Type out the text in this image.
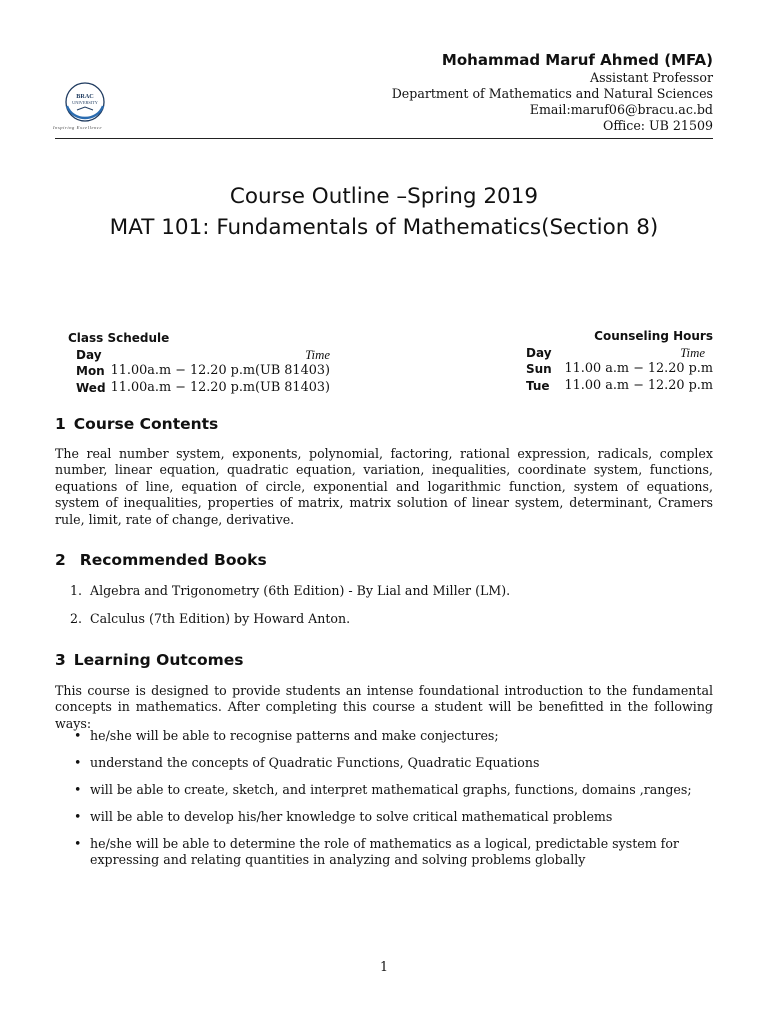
BRAC
UNIVERSITY
Inspiring Excellence
Mohammad Maruf Ahmed (MFA)
Assistant Professor
Department of Mathematics and Natural Sciences
Email:maruf06@bracu.ac.bd
Office: UB 21509
Course Outline –Spring 2019
MAT 101: Fundamentals of Mathematics(Section 8)
Class Schedule
Day	Time
Mon 11.00a.m − 12.20 p.m(UB 81403)
Wed 11.00a.m − 12.20 p.m(UB 81403)
Counseling Hours
Day	Time
Sun 11.00 a.m − 12.20 p.m
Tue	11.00 a.m − 12.20 p.m
1 Course Contents
The real number system, exponents, polynomial, factoring, rational expression, radicals, complex number, linear equation, quadratic equation, variation, inequalities, coordinate system, functions, equations of line, equation of circle, exponential and logarithmic function, system of equations, system of inequalities, properties of matrix, matrix solution of linear system, determinant, Cramers rule, limit, rate of change, derivative.
2 Recommended Books
1. Algebra and Trigonometry (6th Edition) - By Lial and Miller (LM).
2. Calculus (7th Edition) by Howard Anton.
3 Learning Outcomes
This course is designed to provide students an intense foundational introduction to the fundamental concepts in mathematics. After completing this course a student will be benefitted in the following ways:
• he/she will be able to recognise patterns and make conjectures;
• understand the concepts of Quadratic Functions, Quadratic Equations
• will be able to create, sketch, and interpret mathematical graphs, functions, domains ,ranges;
• will be able to develop his/her knowledge to solve critical mathematical problems
• he/she will be able to determine the role of mathematics as a logical, predictable system for expressing and relating quantities in analyzing and solving problems globally
1
